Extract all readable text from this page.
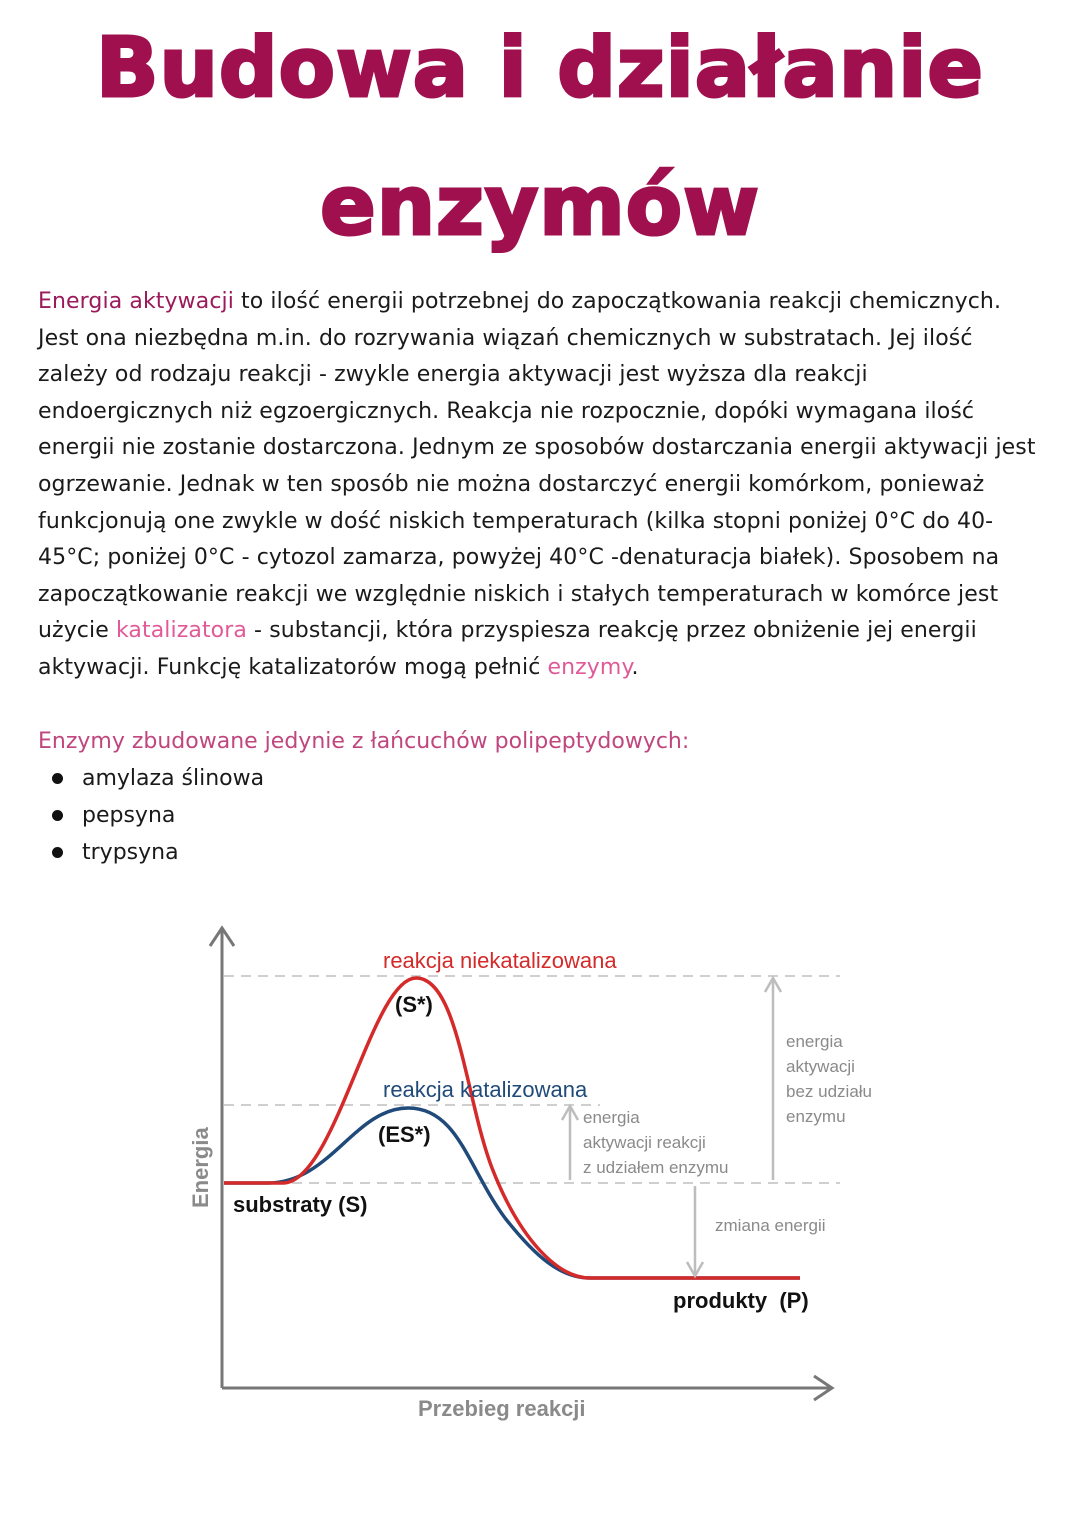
Budowa i działanie
enzymów
Energia aktywacji to ilość energii potrzebnej do zapoczątkowania reakcji chemicznych. Jest ona niezbędna m.in. do rozrywania wiązań chemicznych w substratach. Jej ilość zależy od rodzaju reakcji - zwykle energia aktywacji jest wyższa dla reakcji endoergicznych niż egzoergicznych. Reakcja nie rozpocznie, dopóki wymagana ilość energii nie zostanie dostarczona. Jednym ze sposobów dostarczania energii aktywacji jest ogrzewanie. Jednak w ten sposób nie można dostarczyć energii komórkom, ponieważ funkcjonują one zwykle w dość niskich temperaturach (kilka stopni poniżej 0°C do 40-45°C; poniżej 0°C - cytozol zamarza, powyżej 40°C -denaturacja białek). Sposobem na zapoczątkowanie reakcji we względnie niskich i stałych temperaturach w komórce jest użycie katalizatora - substancji, która przyspiesza reakcję przez obniżenie jej energii aktywacji. Funkcję katalizatorów mogą pełnić enzymy.
Enzymy zbudowane jedynie z łańcuchów polipeptydowych:
amylaza ślinowa
pepsyna
trypsyna
reakcja niekatalizowana
reakcja katalizowana
(S*)
(ES*)
substraty (S)
produkty  (P)
Przebieg reakcji
Energia
energia
aktywacji
bez udziału
enzymu
energia
aktywacji reakcji
z udziałem enzymu
zmiana energii
